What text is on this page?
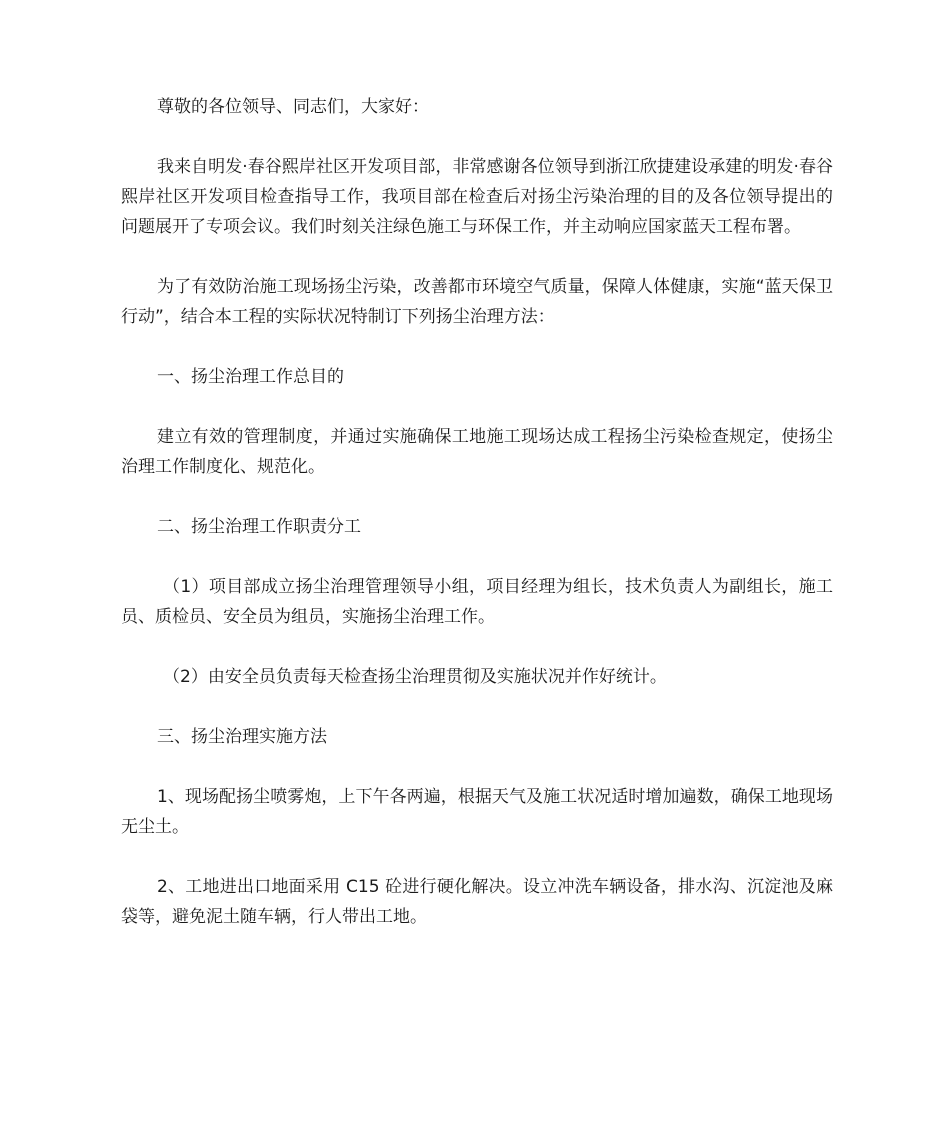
尊敬的各位领导、同志们，大家好：

我来自明发·春谷熙岸社区开发项目部，非常感谢各位领导到浙江欣捷建设承建的明发·春谷熙岸社区开发项目检查指导工作，我项目部在检查后对扬尘污染治理的目的及各位领导提出的问题展开了专项会议。我们时刻关注绿色施工与环保工作，并主动响应国家蓝天工程布署。

为了有效防治施工现场扬尘污染，改善都市环境空气质量，保障人体健康，实施“蓝天保卫行动”，结合本工程的实际状况特制订下列扬尘治理方法：

一、扬尘治理工作总目的

建立有效的管理制度，并通过实施确保工地施工现场达成工程扬尘污染检查规定，使扬尘治理工作制度化、规范化。

二、扬尘治理工作职责分工

（1）项目部成立扬尘治理管理领导小组，项目经理为组长，技术负责人为副组长，施工员、质检员、安全员为组员，实施扬尘治理工作。

（2）由安全员负责每天检查扬尘治理贯彻及实施状况并作好统计。

三、扬尘治理实施方法

1、现场配扬尘喷雾炮，上下午各两遍，根据天气及施工状况适时增加遍数，确保工地现场无尘土。

2、工地进出口地面采用 C15 砼进行硬化解决。设立冲洗车辆设备，排水沟、沉淀池及麻袋等，避免泥土随车辆，行人带出工地。
